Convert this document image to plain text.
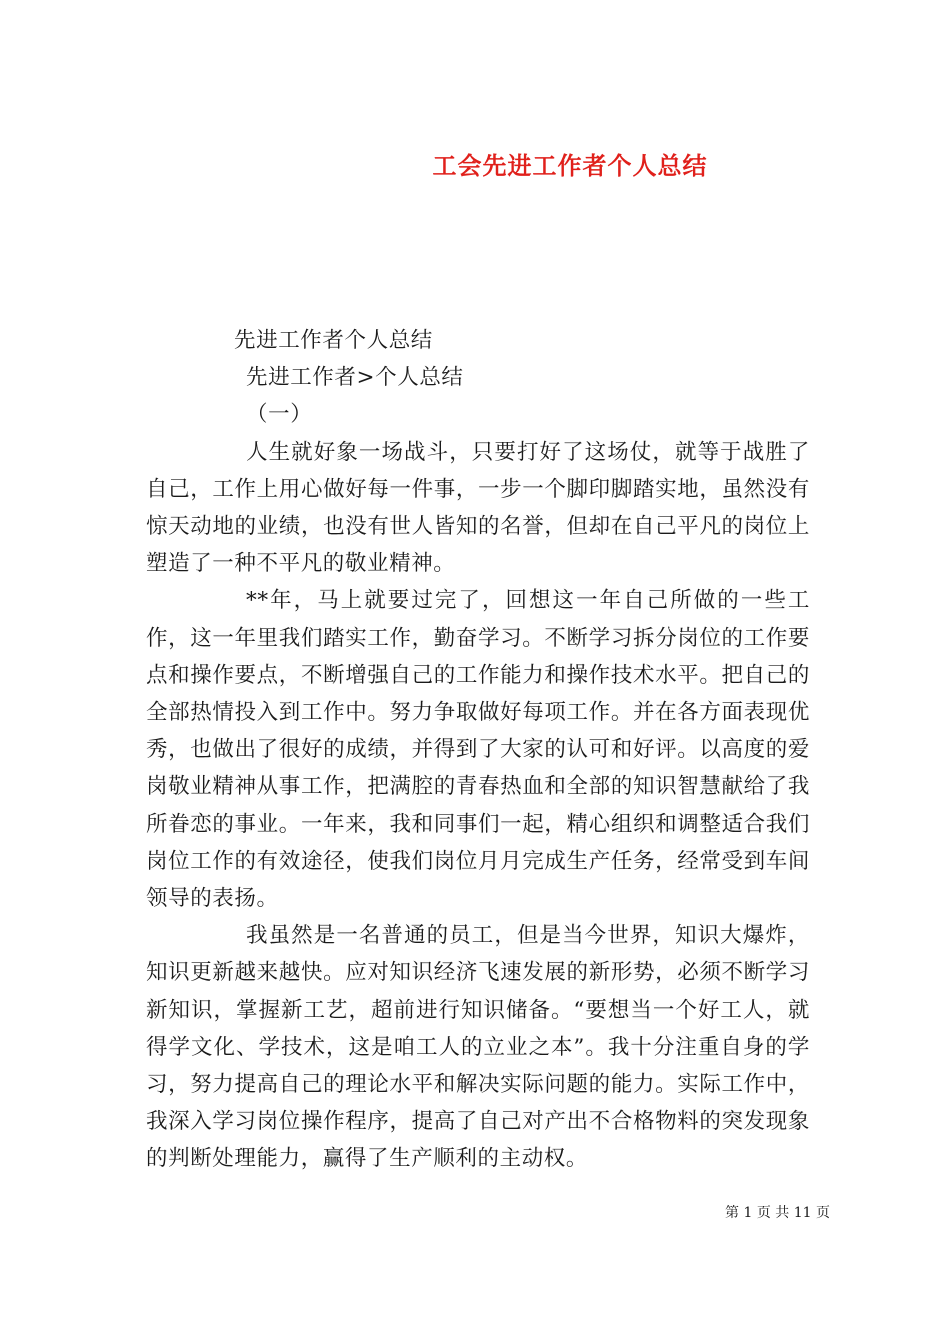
工会先进工作者个人总结

先进工作者个人总结

先进工作者>个人总结

（一）

人生就好象一场战斗，只要打好了这场仗，就等于战胜了自己，工作上用心做好每一件事，一步一个脚印脚踏实地，虽然没有惊天动地的业绩，也没有世人皆知的名誉，但却在自己平凡的岗位上塑造了一种不平凡的敬业精神。

**年，马上就要过完了，回想这一年自己所做的一些工作，这一年里我们踏实工作，勤奋学习。不断学习拆分岗位的工作要点和操作要点，不断增强自己的工作能力和操作技术水平。把自己的全部热情投入到工作中。努力争取做好每项工作。并在各方面表现优秀，也做出了很好的成绩，并得到了大家的认可和好评。以高度的爱岗敬业精神从事工作，把满腔的青春热血和全部的知识智慧献给了我所眷恋的事业。一年来，我和同事们一起，精心组织和调整适合我们岗位工作的有效途径，使我们岗位月月完成生产任务，经常受到车间领导的表扬。

我虽然是一名普通的员工，但是当今世界，知识大爆炸，知识更新越来越快。应对知识经济飞速发展的新形势，必须不断学习新知识，掌握新工艺，超前进行知识储备。“要想当一个好工人，就得学文化、学技术，这是咱工人的立业之本”。我十分注重自身的学习，努力提高自己的理论水平和解决实际问题的能力。实际工作中，我深入学习岗位操作程序，提高了自己对产出不合格物料的突发现象的判断处理能力，赢得了生产顺利的主动权。

第 1 页 共 11 页
